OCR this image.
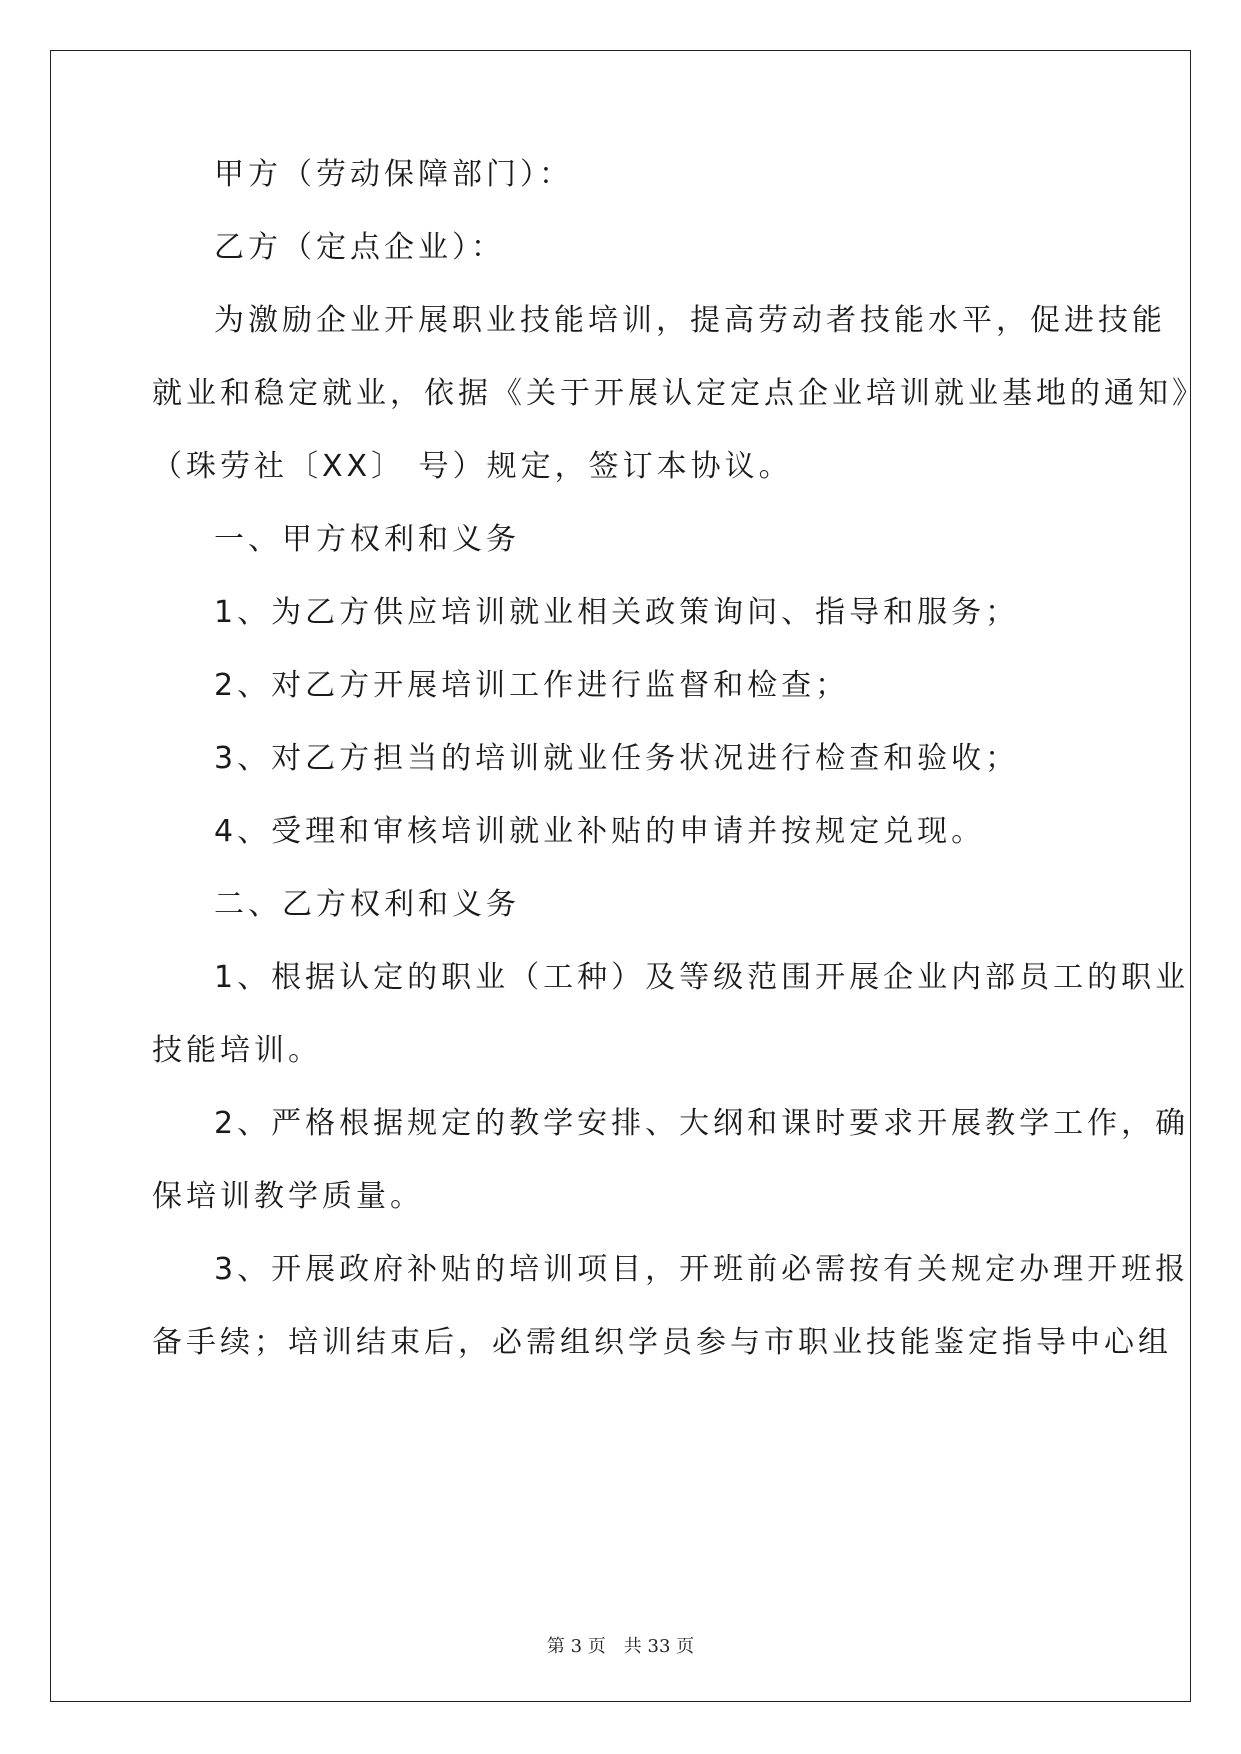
甲方（劳动保障部门）：
乙方（定点企业）：
为激励企业开展职业技能培训，提高劳动者技能水平，促进技能
就业和稳定就业，依据《关于开展认定定点企业培训就业基地的通知》
（珠劳社〔XX〕 号）规定，签订本协议。
一、甲方权利和义务
1、为乙方供应培训就业相关政策询问、指导和服务；
2、对乙方开展培训工作进行监督和检查；
3、对乙方担当的培训就业任务状况进行检查和验收；
4、受理和审核培训就业补贴的申请并按规定兑现。
二、乙方权利和义务
1、根据认定的职业（工种）及等级范围开展企业内部员工的职业
技能培训。
2、严格根据规定的教学安排、大纲和课时要求开展教学工作，确
保培训教学质量。
3、开展政府补贴的培训项目，开班前必需按有关规定办理开班报
备手续；培训结束后，必需组织学员参与市职业技能鉴定指导中心组
第 3 页 共 33 页
